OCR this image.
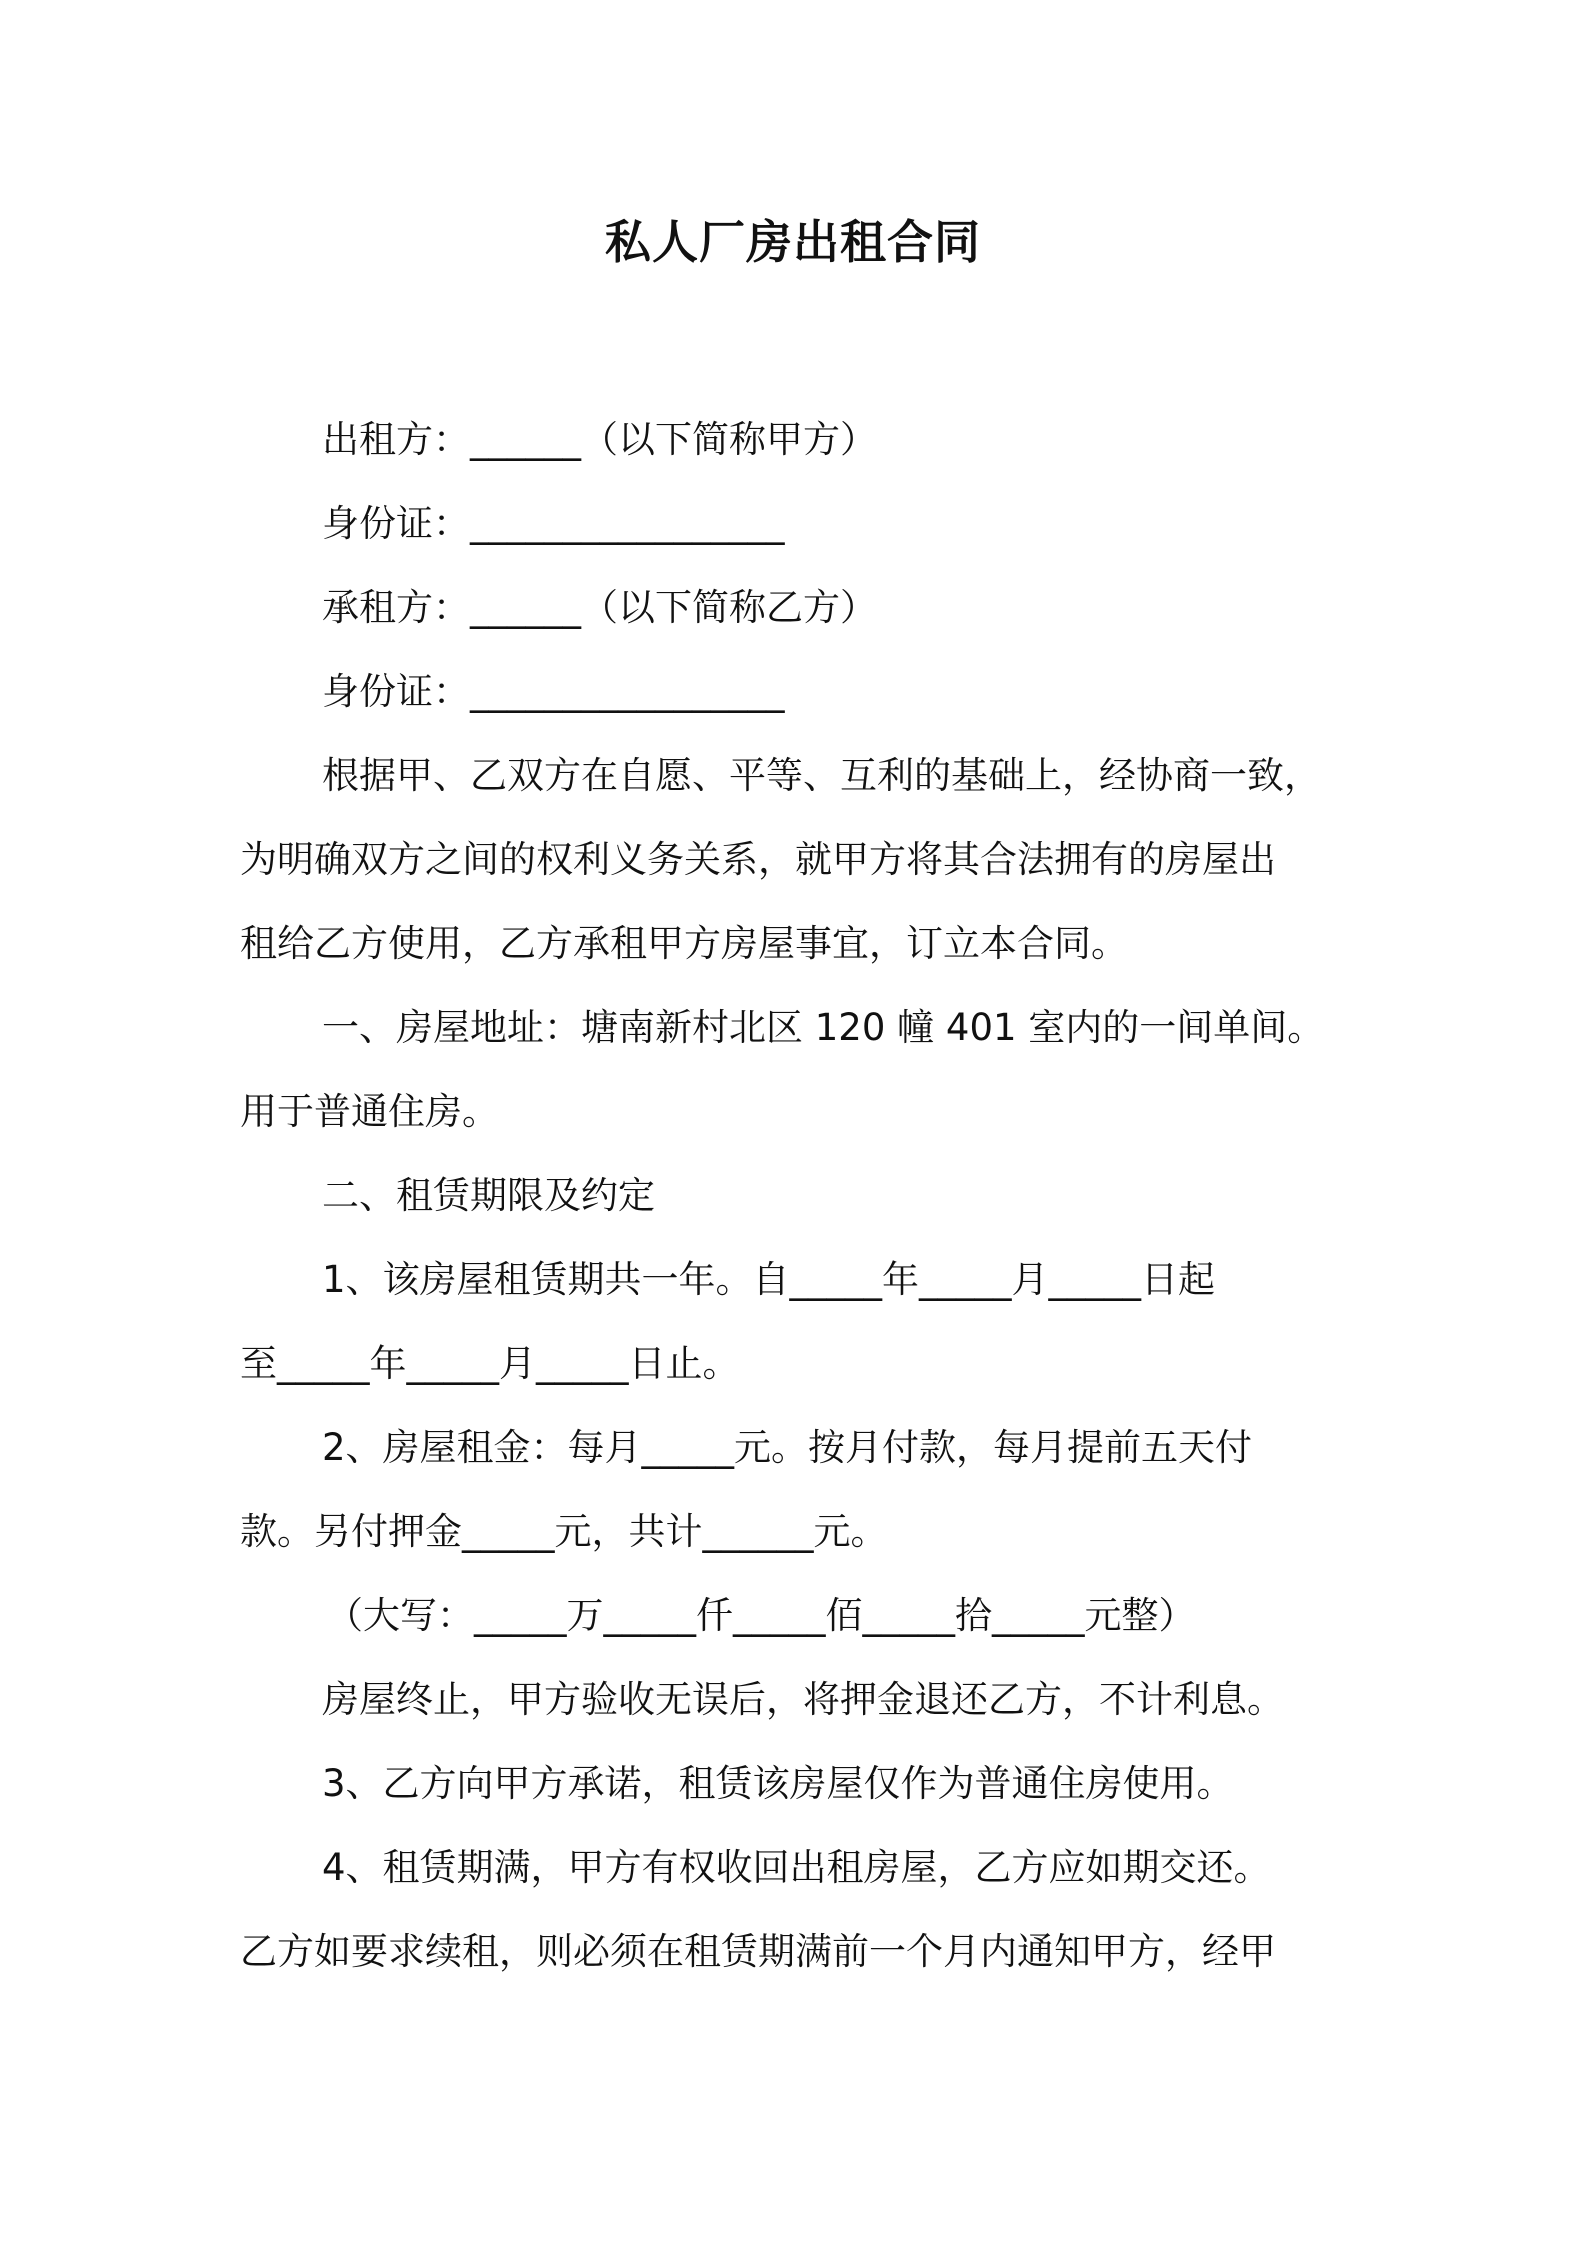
私人厂房出租合同
出租方：______（以下简称甲方）
身份证：_________________
承租方：______（以下简称乙方）
身份证：_________________
根据甲、乙双方在自愿、平等、互利的基础上，经协商一致，
为明确双方之间的权利义务关系，就甲方将其合法拥有的房屋出
租给乙方使用，乙方承租甲方房屋事宜，订立本合同。
一、房屋地址：塘南新村北区 120 幢 401 室内的一间单间。
用于普通住房。
二、租赁期限及约定
1、该房屋租赁期共一年。自_____年_____月_____日起
至_____年_____月_____日止。
2、房屋租金：每月_____元。按月付款，每月提前五天付
款。另付押金_____元，共计______元。
（大写：_____万_____仟_____佰_____拾_____元整）
房屋终止，甲方验收无误后，将押金退还乙方，不计利息。
3、乙方向甲方承诺，租赁该房屋仅作为普通住房使用。
4、租赁期满，甲方有权收回出租房屋，乙方应如期交还。
乙方如要求续租，则必须在租赁期满前一个月内通知甲方，经甲
